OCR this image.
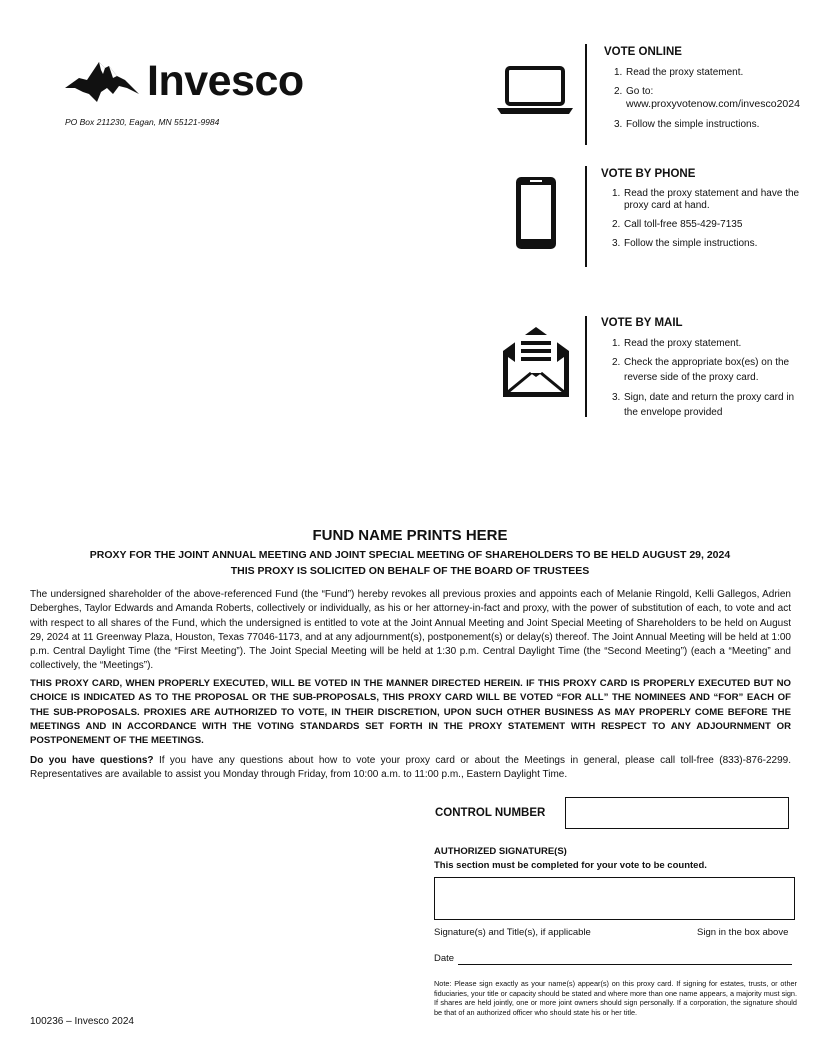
Invesco
PO Box 211230, Eagan, MN 55121-9984
VOTE ONLINE
1. Read the proxy statement.
2. Go to:
www.proxyvotenow.com/invesco2024
3. Follow the simple instructions.
VOTE BY PHONE
1. Read the proxy statement and have the proxy card at hand.
2. Call toll-free 855-429-7135
3. Follow the simple instructions.
VOTE BY MAIL
1. Read the proxy statement.
2. Check the appropriate box(es) on the reverse side of the proxy card.
3. Sign, date and return the proxy card in the envelope provided
FUND NAME PRINTS HERE
PROXY FOR THE JOINT ANNUAL MEETING AND JOINT SPECIAL MEETING OF SHAREHOLDERS TO BE HELD AUGUST 29, 2024
THIS PROXY IS SOLICITED ON BEHALF OF THE BOARD OF TRUSTEES
The undersigned shareholder of the above-referenced Fund (the “Fund”) hereby revokes all previous proxies and appoints each of Melanie Ringold, Kelli Gallegos, Adrien Deberghes, Taylor Edwards and Amanda Roberts, collectively or individually, as his or her attorney-in-fact and proxy, with the power of substitution of each, to vote and act with respect to all shares of the Fund, which the undersigned is entitled to vote at the Joint Annual Meeting and Joint Special Meeting of Shareholders to be held on August 29, 2024 at 11 Greenway Plaza, Houston, Texas 77046-1173, and at any adjournment(s), postponement(s) or delay(s) thereof. The Joint Annual Meeting will be held at 1:00 p.m. Central Daylight Time (the “First Meeting”). The Joint Special Meeting will be held at 1:30 p.m. Central Daylight Time (the “Second Meeting”) (each a “Meeting” and collectively, the “Meetings”).
THIS PROXY CARD, WHEN PROPERLY EXECUTED, WILL BE VOTED IN THE MANNER DIRECTED HEREIN. IF THIS PROXY CARD IS PROPERLY EXECUTED BUT NO CHOICE IS INDICATED AS TO THE PROPOSAL OR THE SUB-PROPOSALS, THIS PROXY CARD WILL BE VOTED “FOR ALL” THE NOMINEES AND “FOR” EACH OF THE SUB-PROPOSALS. PROXIES ARE AUTHORIZED TO VOTE, IN THEIR DISCRETION, UPON SUCH OTHER BUSINESS AS MAY PROPERLY COME BEFORE THE MEETINGS AND IN ACCORDANCE WITH THE VOTING STANDARDS SET FORTH IN THE PROXY STATEMENT WITH RESPECT TO ANY ADJOURNMENT OR POSTPONEMENT OF THE MEETINGS.
Do you have questions? If you have any questions about how to vote your proxy card or about the Meetings in general, please call toll-free (833)-876-2299. Representatives are available to assist you Monday through Friday, from 10:00 a.m. to 11:00 p.m., Eastern Daylight Time.
CONTROL NUMBER
AUTHORIZED SIGNATURE(S)
This section must be completed for your vote to be counted.
Signature(s) and Title(s), if applicable	Sign in the box above
Date
Note: Please sign exactly as your name(s) appear(s) on this proxy card. If signing for estates, trusts, or other fiduciaries, your title or capacity should be stated and where more than one name appears, a majority must sign. If shares are held jointly, one or more joint owners should sign personally. If a corporation, the signature should be that of an authorized officer who should state his or her title.
100236 – Invesco 2024
